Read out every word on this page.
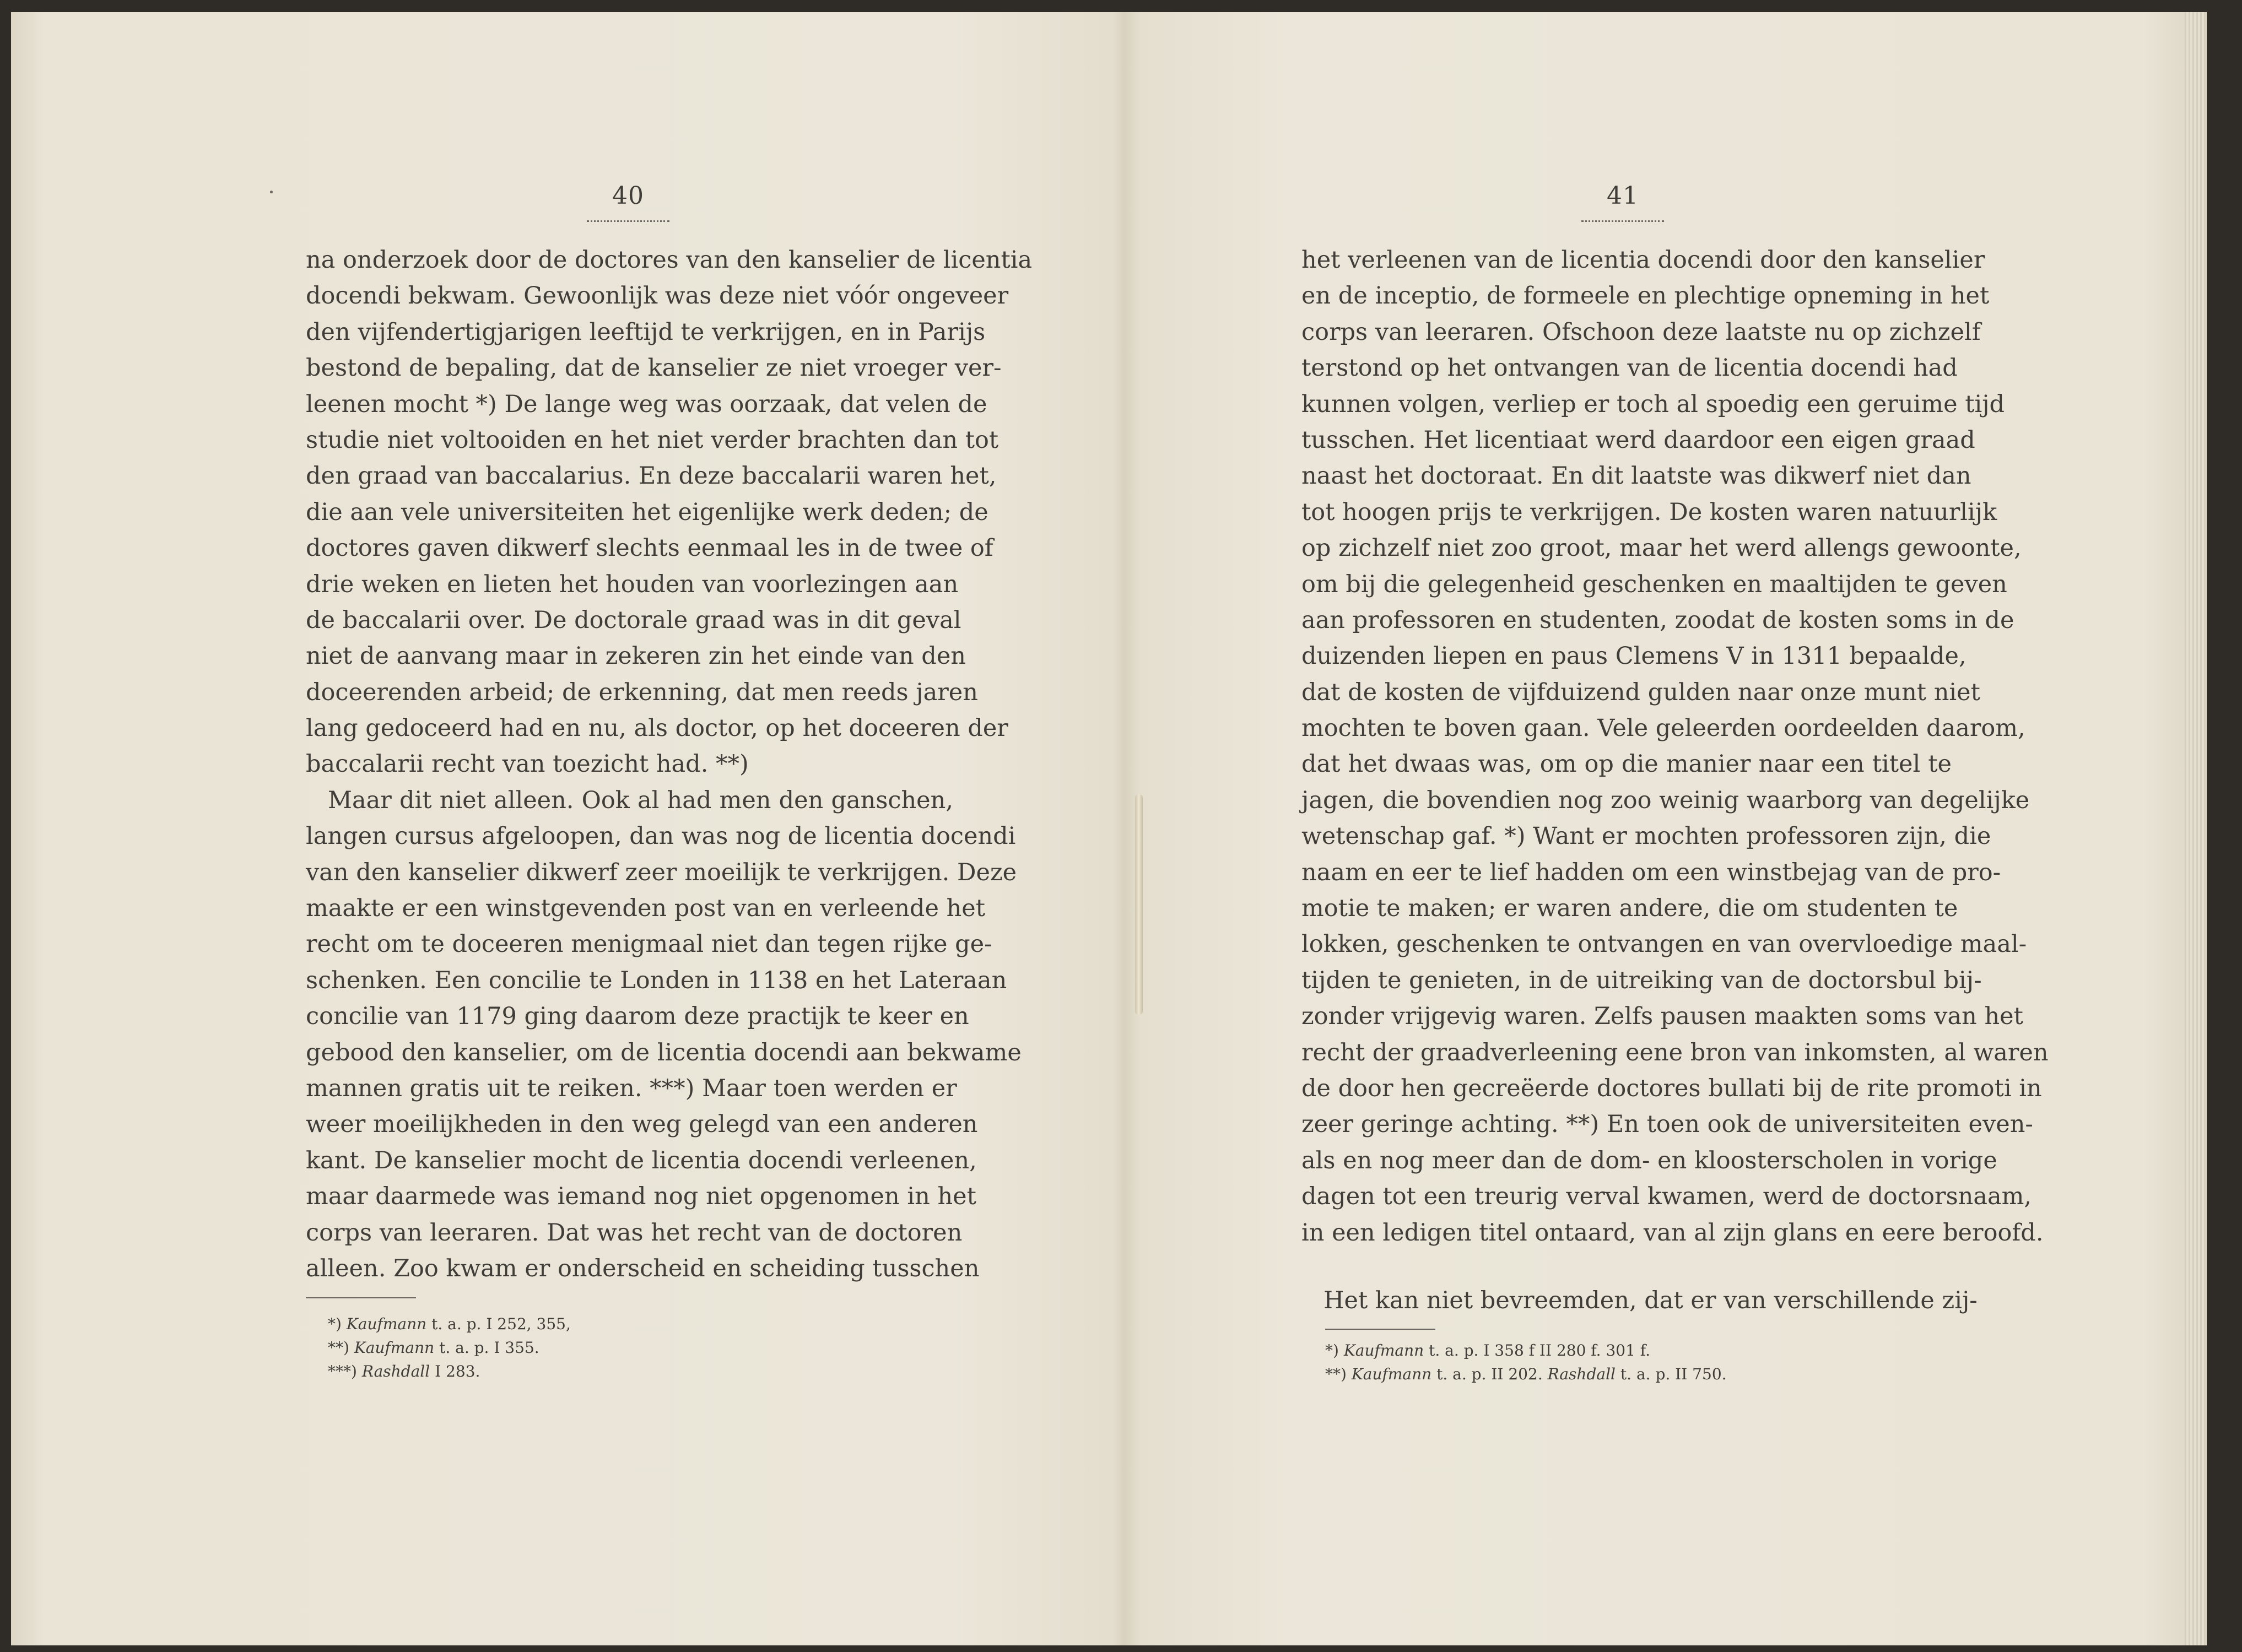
40
na onderzoek door de doctores van den kanselier de licentia
docendi bekwam. Gewoonlijk was deze niet vóór ongeveer
den vijfendertigjarigen leeftijd te verkrijgen, en in Parijs
bestond de bepaling, dat de kanselier ze niet vroeger ver-
leenen mocht *) De lange weg was oorzaak, dat velen de
studie niet voltooiden en het niet verder brachten dan tot
den graad van baccalarius. En deze baccalarii waren het,
die aan vele universiteiten het eigenlijke werk deden; de
doctores gaven dikwerf slechts eenmaal les in de twee of
drie weken en lieten het houden van voorlezingen aan
de baccalarii over. De doctorale graad was in dit geval
niet de aanvang maar in zekeren zin het einde van den
doceerenden arbeid; de erkenning, dat men reeds jaren
lang gedoceerd had en nu, als doctor, op het doceeren der
baccalarii recht van toezicht had. **)
Maar dit niet alleen. Ook al had men den ganschen,
langen cursus afgeloopen, dan was nog de licentia docendi
van den kanselier dikwerf zeer moeilijk te verkrijgen. Deze
maakte er een winstgevenden post van en verleende het
recht om te doceeren menigmaal niet dan tegen rijke ge-
schenken. Een concilie te Londen in 1138 en het Lateraan
concilie van 1179 ging daarom deze practijk te keer en
gebood den kanselier, om de licentia docendi aan bekwame
mannen gratis uit te reiken. ***) Maar toen werden er
weer moeilijkheden in den weg gelegd van een anderen
kant. De kanselier mocht de licentia docendi verleenen,
maar daarmede was iemand nog niet opgenomen in het
corps van leeraren. Dat was het recht van de doctoren
alleen. Zoo kwam er onderscheid en scheiding tusschen
*) Kaufmann t. a. p. I 252, 355,
**) Kaufmann t. a. p. I 355.
***) Rashdall I 283.
41
het verleenen van de licentia docendi door den kanselier
en de inceptio, de formeele en plechtige opneming in het
corps van leeraren. Ofschoon deze laatste nu op zichzelf
terstond op het ontvangen van de licentia docendi had
kunnen volgen, verliep er toch al spoedig een geruime tijd
tusschen. Het licentiaat werd daardoor een eigen graad
naast het doctoraat. En dit laatste was dikwerf niet dan
tot hoogen prijs te verkrijgen. De kosten waren natuurlijk
op zichzelf niet zoo groot, maar het werd allengs gewoonte,
om bij die gelegenheid geschenken en maaltijden te geven
aan professoren en studenten, zoodat de kosten soms in de
duizenden liepen en paus Clemens V in 1311 bepaalde,
dat de kosten de vijfduizend gulden naar onze munt niet
mochten te boven gaan. Vele geleerden oordeelden daarom,
dat het dwaas was, om op die manier naar een titel te
jagen, die bovendien nog zoo weinig waarborg van degelijke
wetenschap gaf. *) Want er mochten professoren zijn, die
naam en eer te lief hadden om een winstbejag van de pro-
motie te maken; er waren andere, die om studenten te
lokken, geschenken te ontvangen en van overvloedige maal-
tijden te genieten, in de uitreiking van de doctorsbul bij-
zonder vrijgevig waren. Zelfs pausen maakten soms van het
recht der graadverleening eene bron van inkomsten, al waren
de door hen gecreëerde doctores bullati bij de rite promoti in
zeer geringe achting. **) En toen ook de universiteiten even-
als en nog meer dan de dom- en kloosterscholen in vorige
dagen tot een treurig verval kwamen, werd de doctorsnaam,
in een ledigen titel ontaard, van al zijn glans en eere beroofd.
Het kan niet bevreemden, dat er van verschillende zij-
*) Kaufmann t. a. p. I 358 f II 280 f. 301 f.
**) Kaufmann t. a. p. II 202. Rashdall t. a. p. II 750.
